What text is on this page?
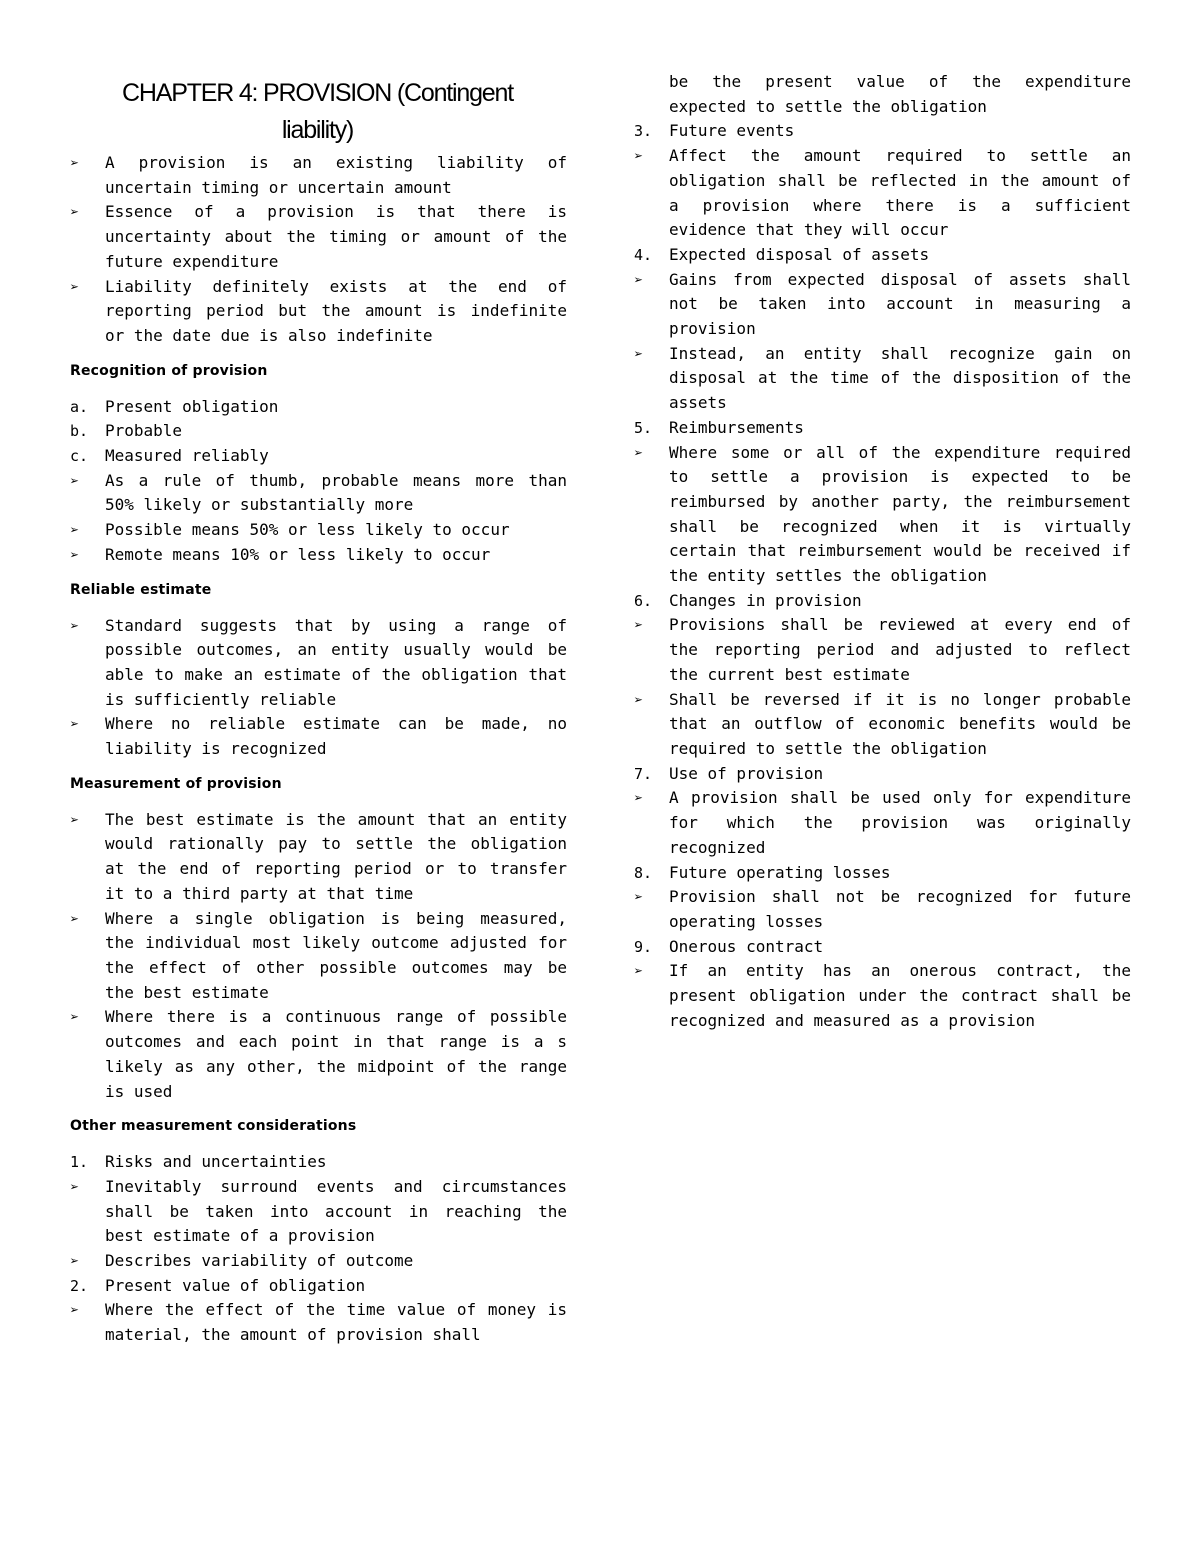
CHAPTER 4: PROVISION (Contingent
liability)
➢	A provision is an existing liability of uncertain timing or uncertain amount
➢	Essence of a provision is that there is uncertainty about the timing or amount of the future expenditure
➢	Liability definitely exists at the end of reporting period but the amount is indefinite or the date due is also indefinite
Recognition of provision
a.	Present obligation
b.	Probable
c.	Measured reliably
➢	As a rule of thumb, probable means more than 50% likely or substantially more
➢	Possible means 50% or less likely to occur
➢	Remote means 10% or less likely to occur
Reliable estimate
➢	Standard suggests that by using a range of possible outcomes, an entity usually would be able to make an estimate of the obligation that is sufficiently reliable
➢	Where no reliable estimate can be made, no liability is recognized
Measurement of provision
➢	The best estimate is the amount that an entity would rationally pay to settle the obligation at the end of reporting period or to transfer it to a third party at that time
➢	Where a single obligation is being measured, the individual most likely outcome adjusted for the effect of other possible outcomes may be the best estimate
➢	Where there is a continuous range of possible outcomes and each point in that range is a s likely as any other, the midpoint of the range is used
Other measurement considerations
1.	Risks and uncertainties
➢	Inevitably surround events and circumstances shall be taken into account in reaching the best estimate of a provision
➢	Describes variability of outcome
2.	Present value of obligation
➢	Where the effect of the time value of money is material, the amount of provision shall
be the present value of the expenditure expected to settle the obligation
3.	Future events
➢	Affect the amount required to settle an obligation shall be reflected in the amount of a provision where there is a sufficient evidence that they will occur
4.	Expected disposal of assets
➢	Gains from expected disposal of assets shall not be taken into account in measuring a provision
➢	Instead, an entity shall recognize gain on disposal at the time of the disposition of the assets
5.	Reimbursements
➢	Where some or all of the expenditure required to settle a provision is expected to be reimbursed by another party, the reimbursement shall be recognized when it is virtually certain that reimbursement would be received if the entity settles the obligation
6.	Changes in provision
➢	Provisions shall be reviewed at every end of the reporting period and adjusted to reflect the current best estimate
➢	Shall be reversed if it is no longer probable that an outflow of economic benefits would be required to settle the obligation
7.	Use of provision
➢	A provision shall be used only for expenditure for which the provision was originally recognized
8.	Future operating losses
➢	Provision shall not be recognized for future operating losses
9.	Onerous contract
➢	If an entity has an onerous contract, the present obligation under the contract shall be recognized and measured as a provision
